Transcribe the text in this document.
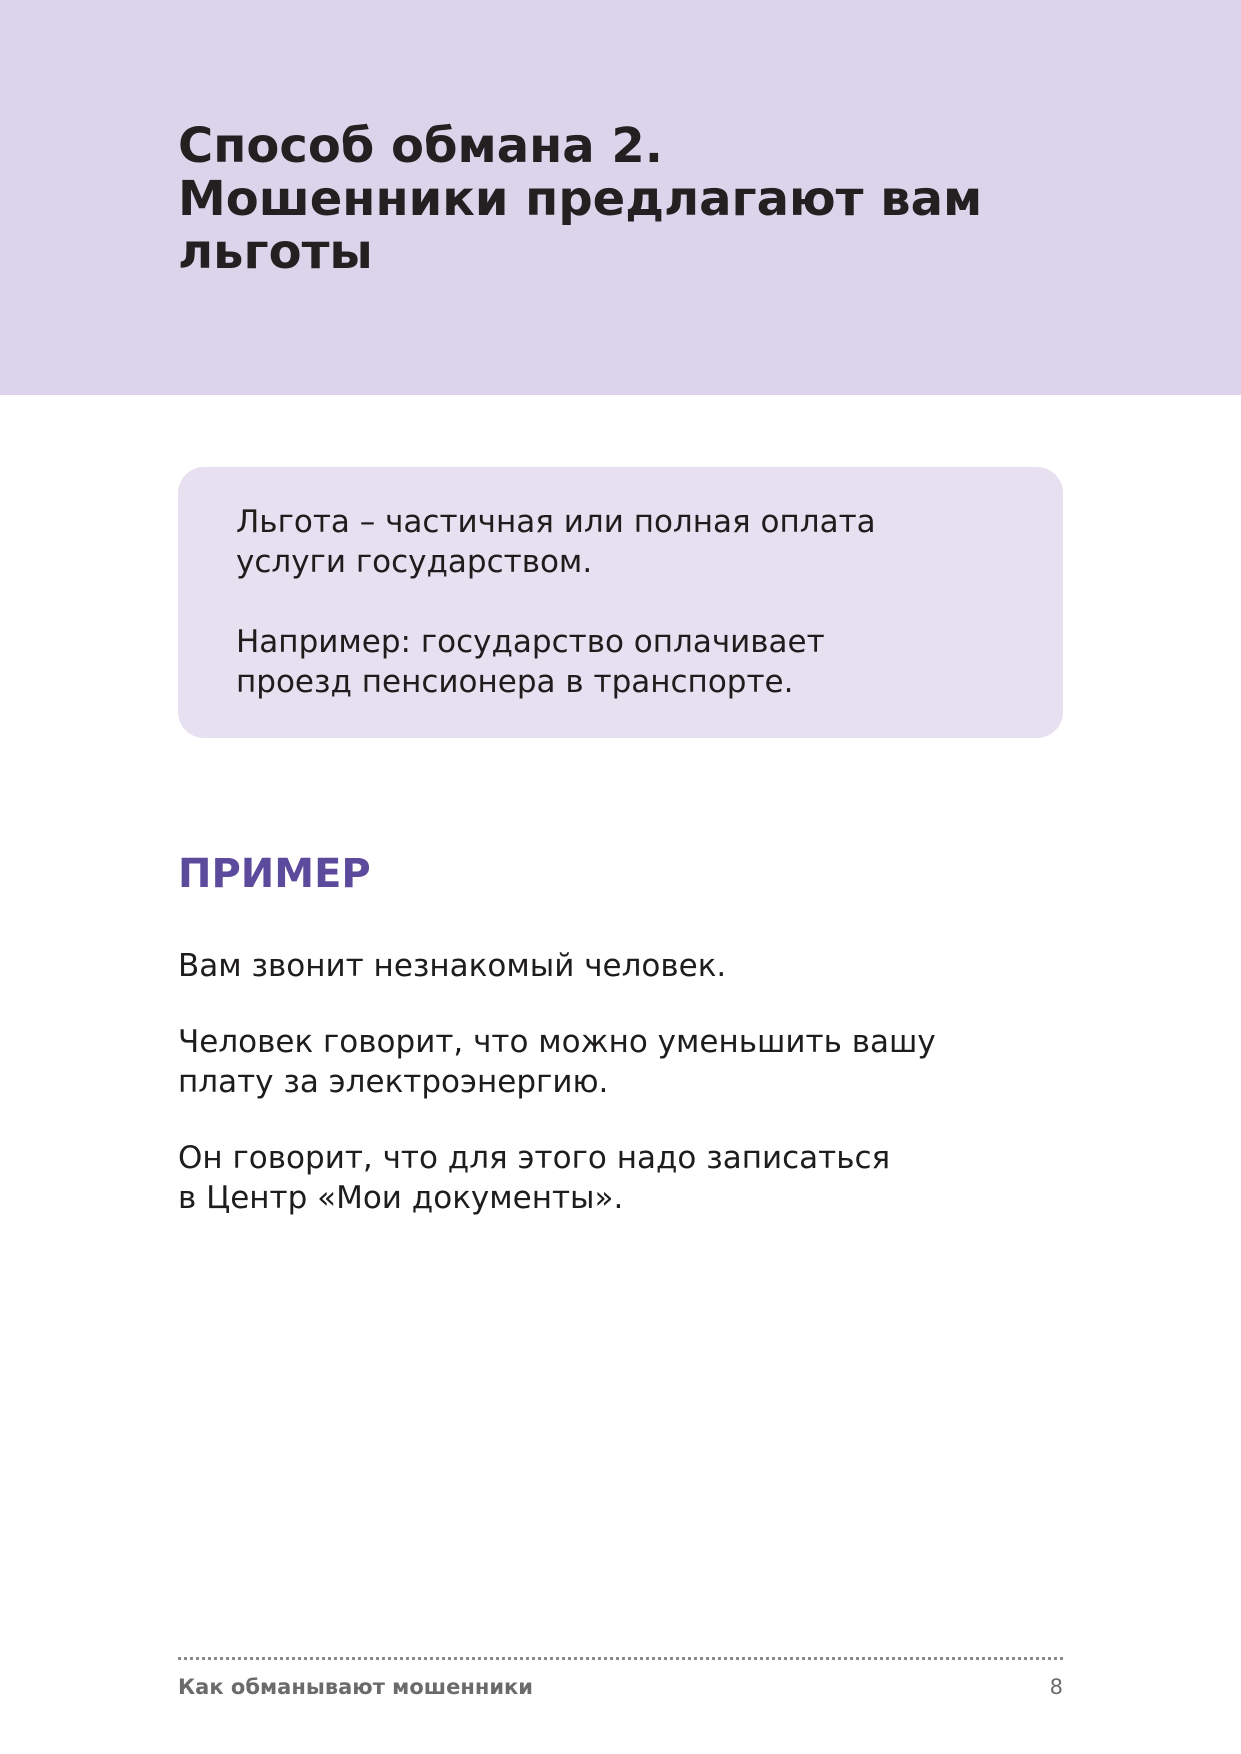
Способ обмана 2.
Мошенники предлагают вам
льготы

Льгота – частичная или полная оплата
услуги государством.

Например: государство оплачивает
проезд пенсионера в транспорте.

ПРИМЕР

Вам звонит незнакомый человек.

Человек говорит, что можно уменьшить вашу
плату за электроэнергию.

Он говорит, что для этого надо записаться
в Центр «Мои документы».

Как обманывают мошенники	8
